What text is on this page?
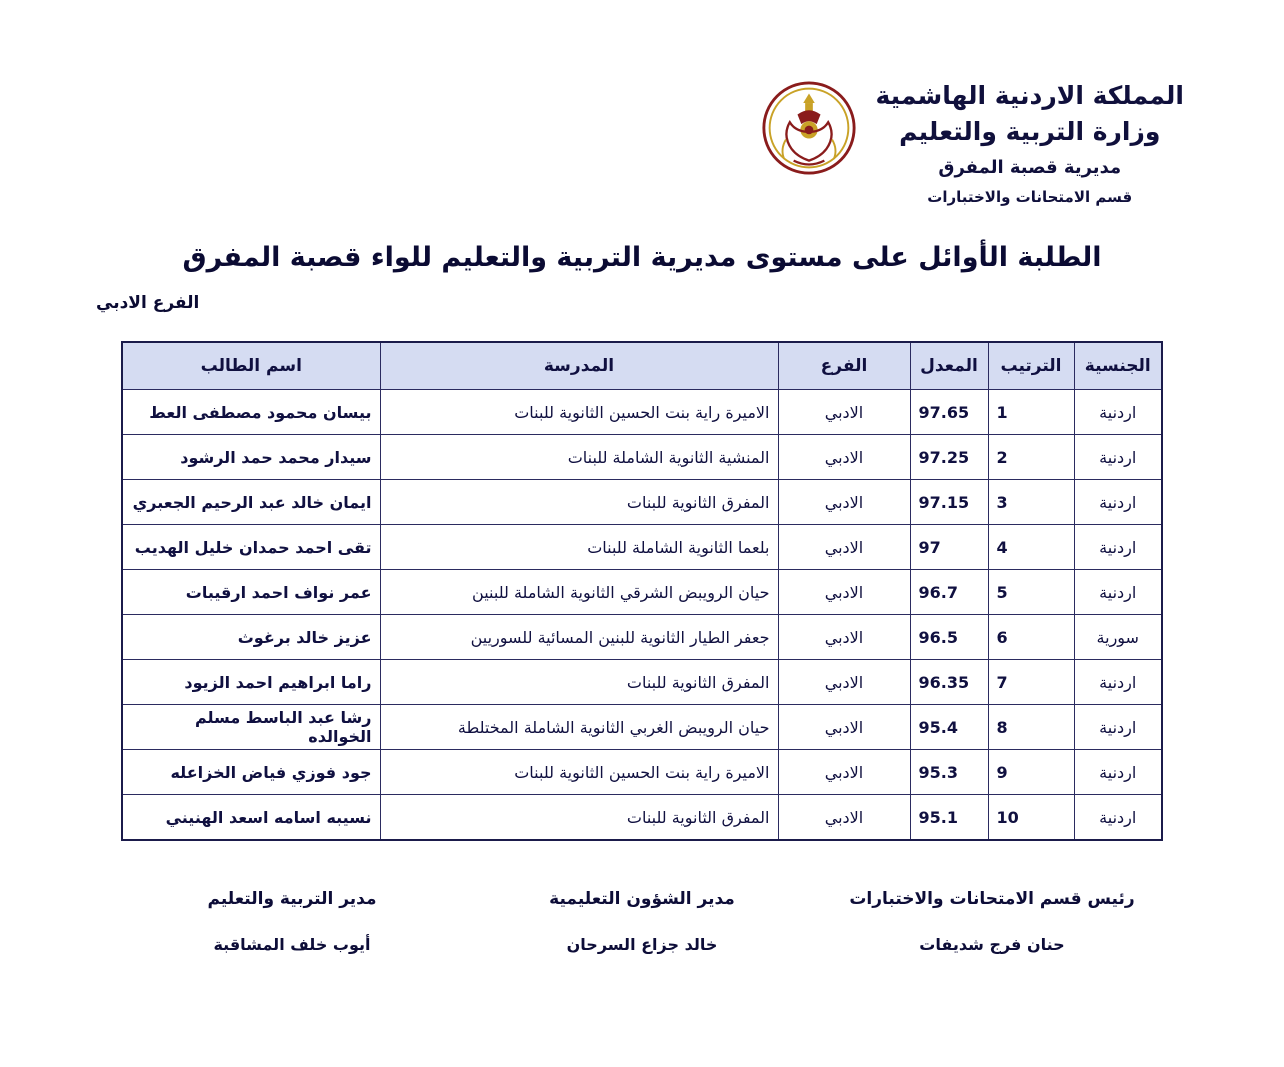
المملكة الاردنية الهاشمية
وزارة التربية والتعليم
مديرية قصبة المفرق
قسم الامتحانات والاختبارات
الطلبة الأوائل على مستوى مديرية التربية والتعليم للواء قصبة المفرق
الفرع الادبي
الجنسية	الترتيب	المعدل	الفرع	المدرسة	اسم الطالب
اردنية	1	97.65	الادبي	الاميرة راية بنت الحسين الثانوية للبنات	بيسان محمود مصطفى العط
اردنية	2	97.25	الادبي	المنشية الثانوية الشاملة للبنات	سيدار محمد حمد الرشود
اردنية	3	97.15	الادبي	المفرق الثانوية للبنات	ايمان خالد عبد الرحيم الجعبري
اردنية	4	97	الادبي	بلعما الثانوية الشاملة للبنات	تقى احمد حمدان خليل الهديب
اردنية	5	96.7	الادبي	حيان الرويبض الشرقي الثانوية الشاملة للبنين	عمر نواف احمد ارقيبات
سورية	6	96.5	الادبي	جعفر الطيار الثانوية للبنين المسائية للسوريين	عزيز خالد برغوث
اردنية	7	96.35	الادبي	المفرق الثانوية للبنات	راما ابراهيم احمد الزيود
اردنية	8	95.4	الادبي	حيان الرويبض الغربي الثانوية الشاملة المختلطة	رشا عبد الباسط مسلم الخوالده
اردنية	9	95.3	الادبي	الاميرة راية بنت الحسين الثانوية للبنات	جود فوزي فياض الخزاعله
اردنية	10	95.1	الادبي	المفرق الثانوية للبنات	نسيبه اسامه اسعد الهنيني
رئيس قسم الامتحانات والاختبارات
حنان فرج شديفات
مدير الشؤون التعليمية
خالد جزاع السرحان
مدير التربية والتعليم
أيوب خلف المشاقبة
